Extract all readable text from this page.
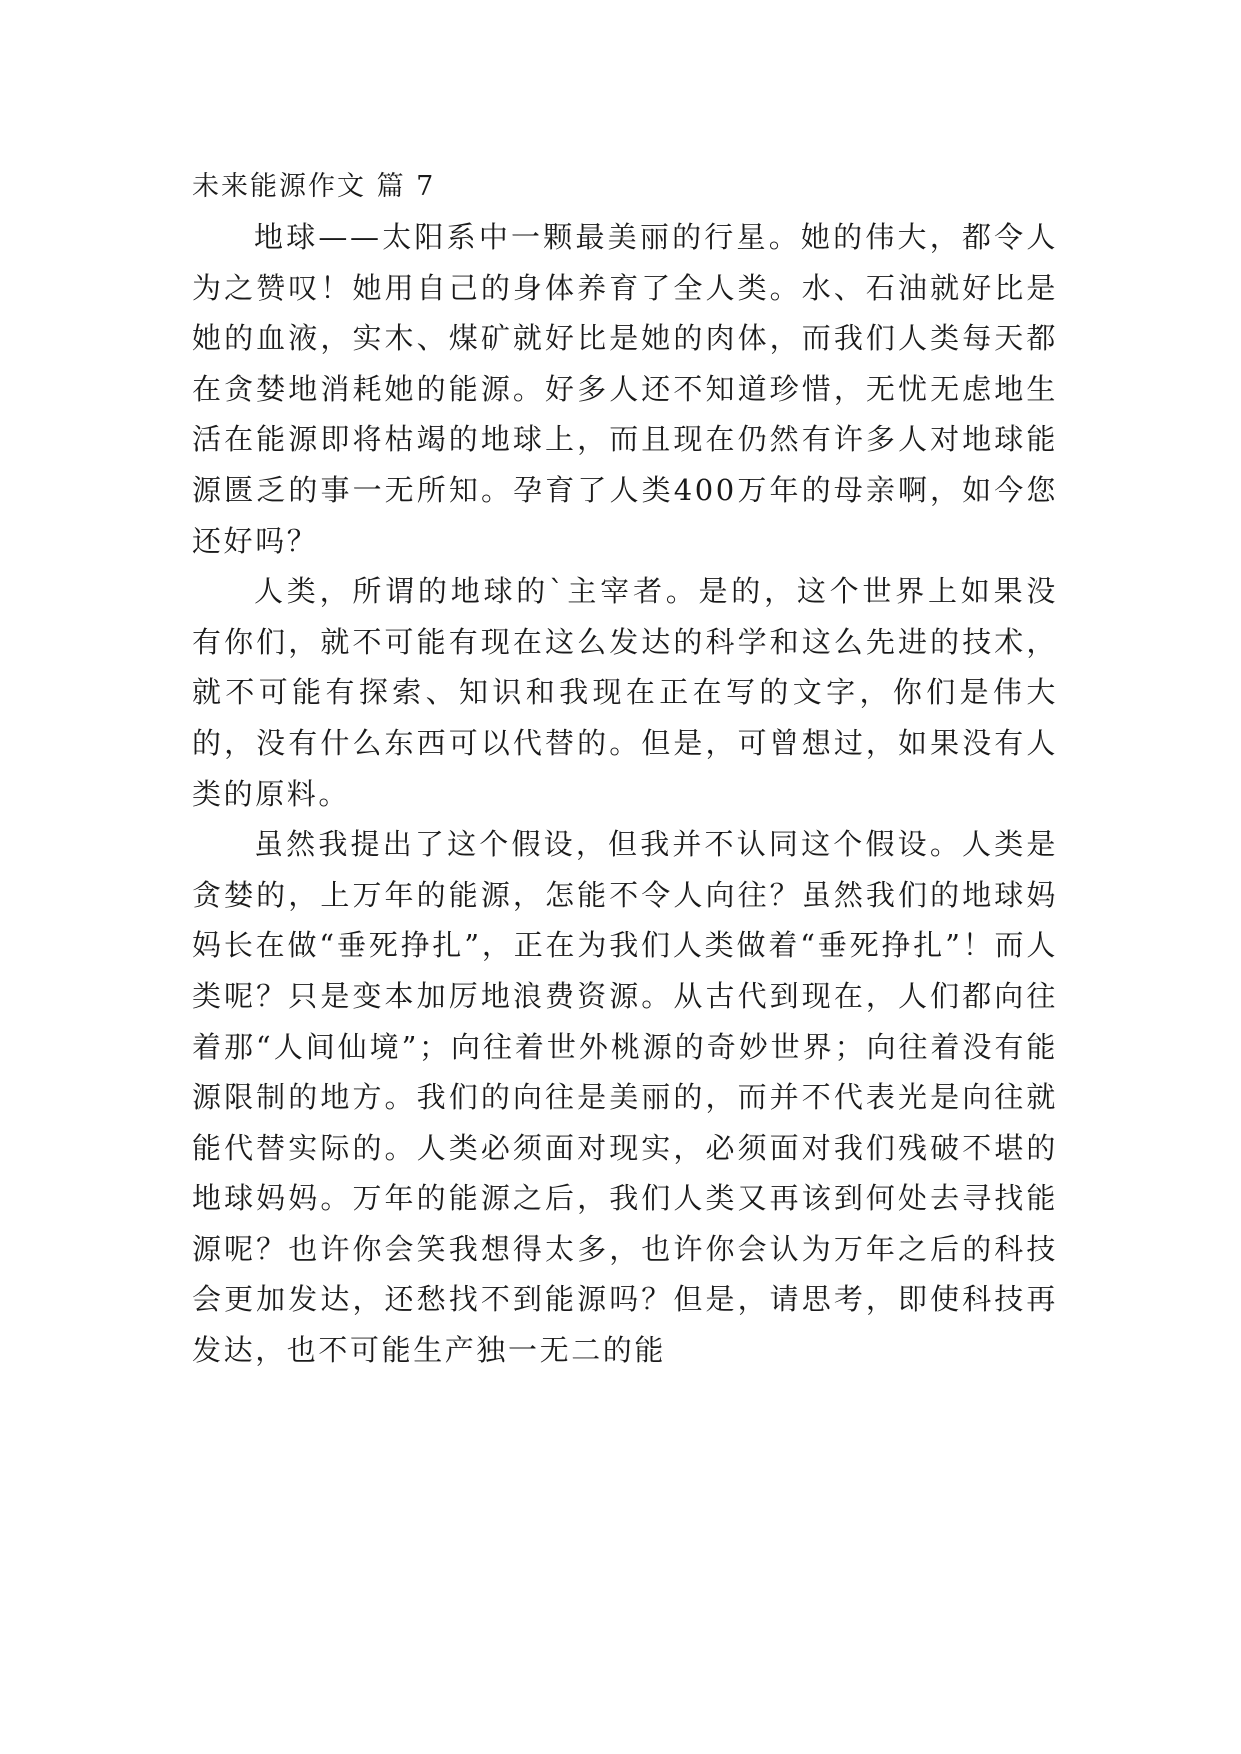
未来能源作文 篇 7

地球——太阳系中一颗最美丽的行星。她的伟大，都令人为之赞叹！她用自己的身体养育了全人类。水、石油就好比是她的血液，实木、煤矿就好比是她的肉体，而我们人类每天都在贪婪地消耗她的能源。好多人还不知道珍惜，无忧无虑地生活在能源即将枯竭的地球上，而且现在仍然有许多人对地球能源匮乏的事一无所知。孕育了人类400万年的母亲啊，如今您还好吗？

人类，所谓的地球的`主宰者。是的，这个世界上如果没有你们，就不可能有现在这么发达的科学和这么先进的技术，就不可能有探索、知识和我现在正在写的文字，你们是伟大的，没有什么东西可以代替的。但是，可曾想过，如果没有人类的原料。

虽然我提出了这个假设，但我并不认同这个假设。人类是贪婪的，上万年的能源，怎能不令人向往？虽然我们的地球妈妈长在做“垂死挣扎”，正在为我们人类做着“垂死挣扎”！而人类呢？只是变本加厉地浪费资源。从古代到现在，人们都向往着那“人间仙境”；向往着世外桃源的奇妙世界；向往着没有能源限制的地方。我们的向往是美丽的，而并不代表光是向往就能代替实际的。人类必须面对现实，必须面对我们残破不堪的地球妈妈。万年的能源之后，我们人类又再该到何处去寻找能源呢？也许你会笑我想得太多，也许你会认为万年之后的科技会更加发达，还愁找不到能源吗？但是，请思考，即使科技再发达，也不可能生产独一无二的能
